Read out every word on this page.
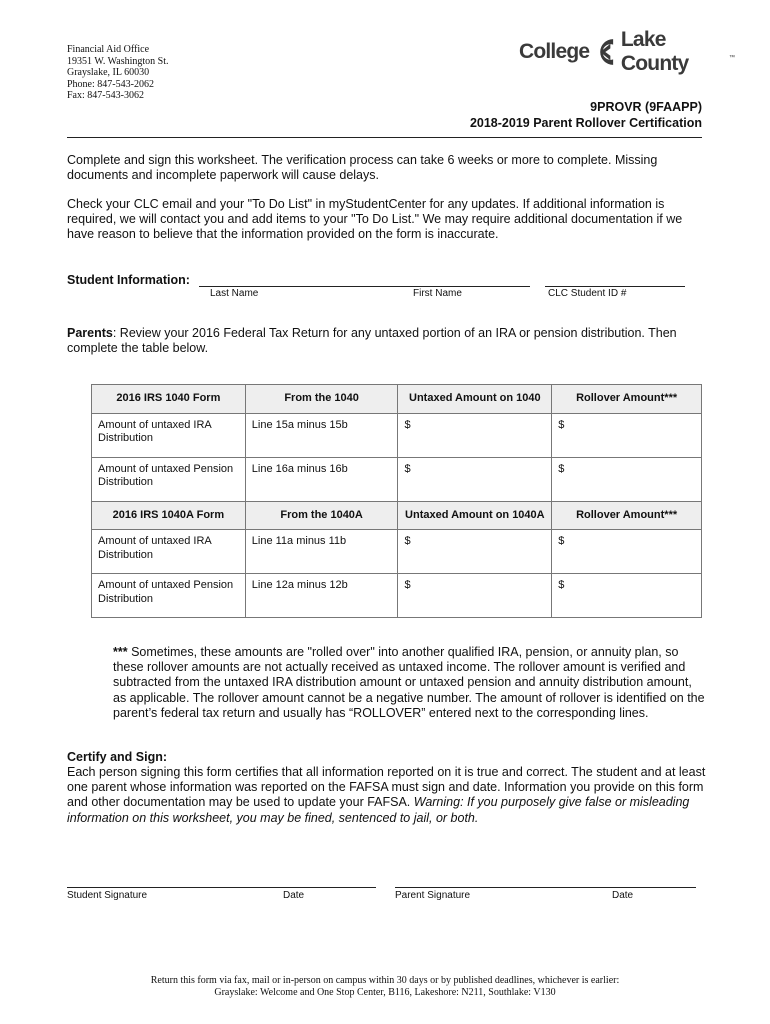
Financial Aid Office
19351 W. Washington St.
Grayslake, IL 60030
Phone: 847-543-2062
Fax: 847-543-3062
College
Lake County	™
9PROVR (9FAAPP)
2018-2019 Parent Rollover Certification
Complete and sign this worksheet. The verification process can take 6 weeks or more to complete. Missing documents and incomplete paperwork will cause delays.
Check your CLC email and your "To Do List" in myStudentCenter for any updates. If additional information is required, we will contact you and add items to your "To Do List." We may require additional documentation if we have reason to believe that the information provided on the form is inaccurate.
Student Information:
Last Name	First Name	CLC Student ID #
Parents: Review your 2016 Federal Tax Return for any untaxed portion of an IRA or pension distribution. Then complete the table below.
2016 IRS 1040 Form	From the 1040	Untaxed Amount on 1040	Rollover Amount***
Amount of untaxed IRA Distribution	Line 15a minus 15b	$	$
Amount of untaxed Pension Distribution	Line 16a minus 16b	$	$
2016 IRS 1040A Form	From the 1040A	Untaxed Amount on 1040A	Rollover Amount***
Amount of untaxed IRA Distribution	Line 11a minus 11b	$	$
Amount of untaxed Pension Distribution	Line 12a minus 12b	$	$
*** Sometimes, these amounts are "rolled over" into another qualified IRA, pension, or annuity plan, so these rollover amounts are not actually received as untaxed income. The rollover amount is verified and subtracted from the untaxed IRA distribution amount or untaxed pension and annuity distribution amount, as applicable. The rollover amount cannot be a negative number. The amount of rollover is identified on the parent’s federal tax return and usually has “ROLLOVER” entered next to the corresponding lines.
Certify and Sign:
Each person signing this form certifies that all information reported on it is true and correct. The student and at least one parent whose information was reported on the FAFSA must sign and date. Information you provide on this form and other documentation may be used to update your FAFSA. Warning: If you purposely give false or misleading information on this worksheet, you may be fined, sentenced to jail, or both.
Student Signature	Date	Parent Signature	Date
Return this form via fax, mail or in-person on campus within 30 days or by published deadlines, whichever is earlier:
Grayslake: Welcome and One Stop Center, B116, Lakeshore: N211, Southlake: V130
